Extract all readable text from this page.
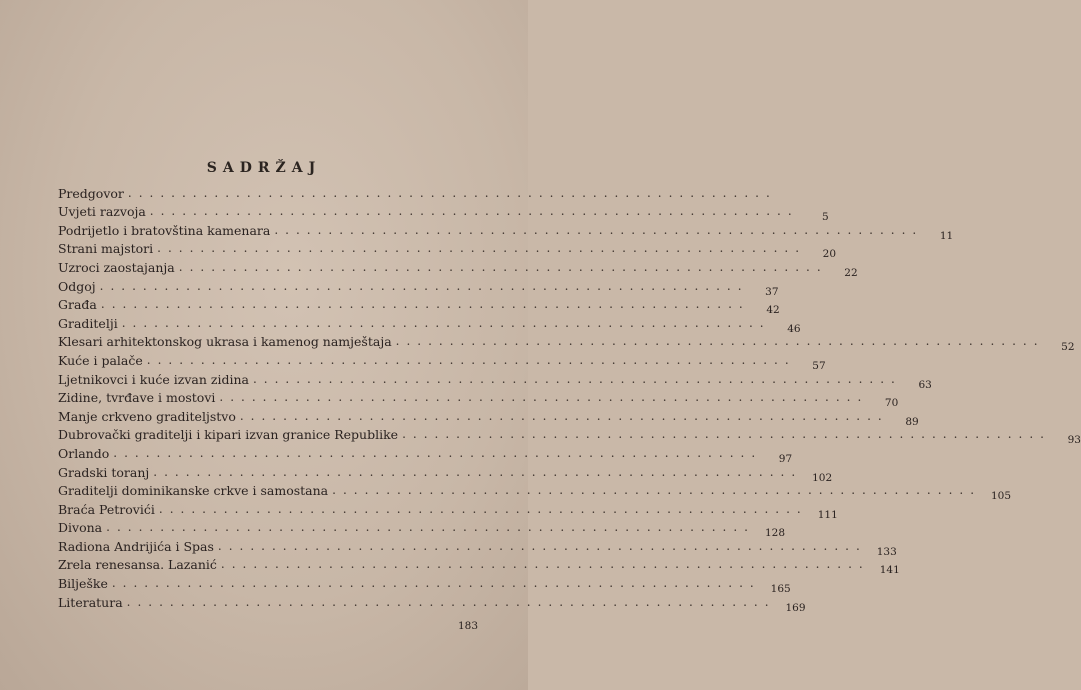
SADRŽAJ
Predgovor ............................................................
Uvjeti razvoja ............................................................	5
Podrijetlo i bratovština kamenara ............................................................	11
Strani majstori ............................................................	20
Uzroci zaostajanja ............................................................	22
Odgoj ............................................................	37
Građa ............................................................	42
Graditelji ............................................................	46
Klesari arhitektonskog ukrasa i kamenog namještaja ............................................................	52
Kuće i palače ............................................................	57
Ljetnikovci i kuće izvan zidina ............................................................	63
Zidine, tvrđave i mostovi ............................................................	70
Manje crkveno graditeljstvo ............................................................	89
Dubrovački graditelji i kipari izvan granice Republike ............................................................	93
Orlando ............................................................	97
Gradski toranj ............................................................ 102
Graditelji dominikanske crkve i samostana ............................................................ 105
Braća Petrovići ............................................................ 111
Divona ............................................................ 128
Radiona Andrijića i Spas ............................................................ 133
Zrela renesansa. Lazanić ............................................................ 141
Bilješke ............................................................ 165
Literatura ............................................................ 169
183
